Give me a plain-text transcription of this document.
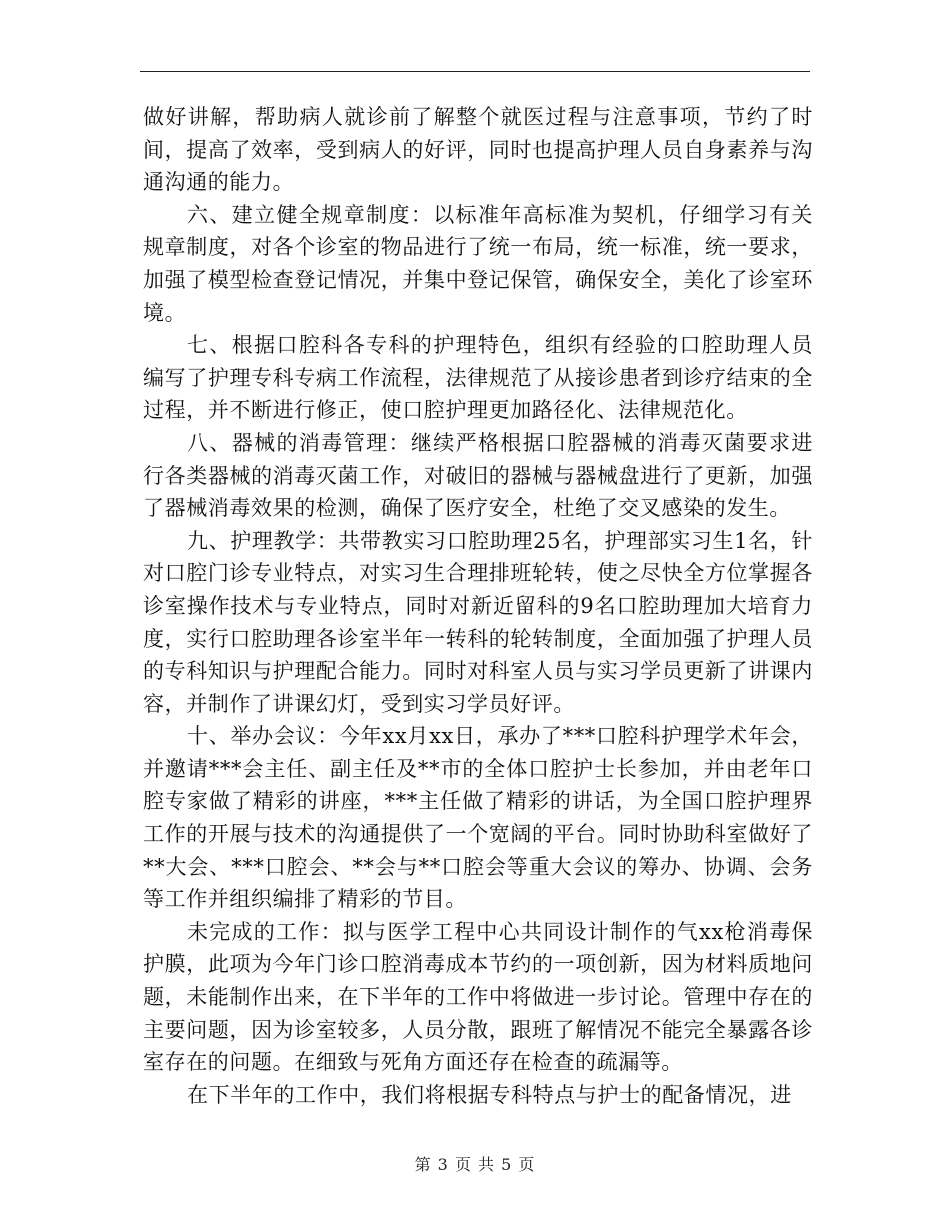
做好讲解，帮助病人就诊前了解整个就医过程与注意事项，节约了时间，提高了效率，受到病人的好评，同时也提高护理人员自身素养与沟通沟通的能力。

六、建立健全规章制度：以标准年高标准为契机，仔细学习有关规章制度，对各个诊室的物品进行了统一布局，统一标准，统一要求，加强了模型检查登记情况，并集中登记保管，确保安全，美化了诊室环境。

七、根据口腔科各专科的护理特色，组织有经验的口腔助理人员编写了护理专科专病工作流程，法律规范了从接诊患者到诊疗结束的全过程，并不断进行修正，使口腔护理更加路径化、法律规范化。

八、器械的消毒管理：继续严格根据口腔器械的消毒灭菌要求进行各类器械的消毒灭菌工作，对破旧的器械与器械盘进行了更新，加强了器械消毒效果的检测，确保了医疗安全，杜绝了交叉感染的发生。

九、护理教学：共带教实习口腔助理25名，护理部实习生1名，针对口腔门诊专业特点，对实习生合理排班轮转，使之尽快全方位掌握各诊室操作技术与专业特点，同时对新近留科的9名口腔助理加大培育力度，实行口腔助理各诊室半年一转科的轮转制度，全面加强了护理人员的专科知识与护理配合能力。同时对科室人员与实习学员更新了讲课内容，并制作了讲课幻灯，受到实习学员好评。

十、举办会议：今年xx月xx日，承办了***口腔科护理学术年会，并邀请***会主任、副主任及**市的全体口腔护士长参加，并由老年口腔专家做了精彩的讲座，***主任做了精彩的讲话，为全国口腔护理界工作的开展与技术的沟通提供了一个宽阔的平台。同时协助科室做好了**大会、***口腔会、**会与**口腔会等重大会议的筹办、协调、会务等工作并组织编排了精彩的节目。

未完成的工作：拟与医学工程中心共同设计制作的气xx枪消毒保护膜，此项为今年门诊口腔消毒成本节约的一项创新，因为材料质地问题，未能制作出来，在下半年的工作中将做进一步讨论。管理中存在的主要问题，因为诊室较多，人员分散，跟班了解情况不能完全暴露各诊室存在的问题。在细致与死角方面还存在检查的疏漏等。

在下半年的工作中，我们将根据专科特点与护士的配备情况，进

第 3 页 共 5 页
